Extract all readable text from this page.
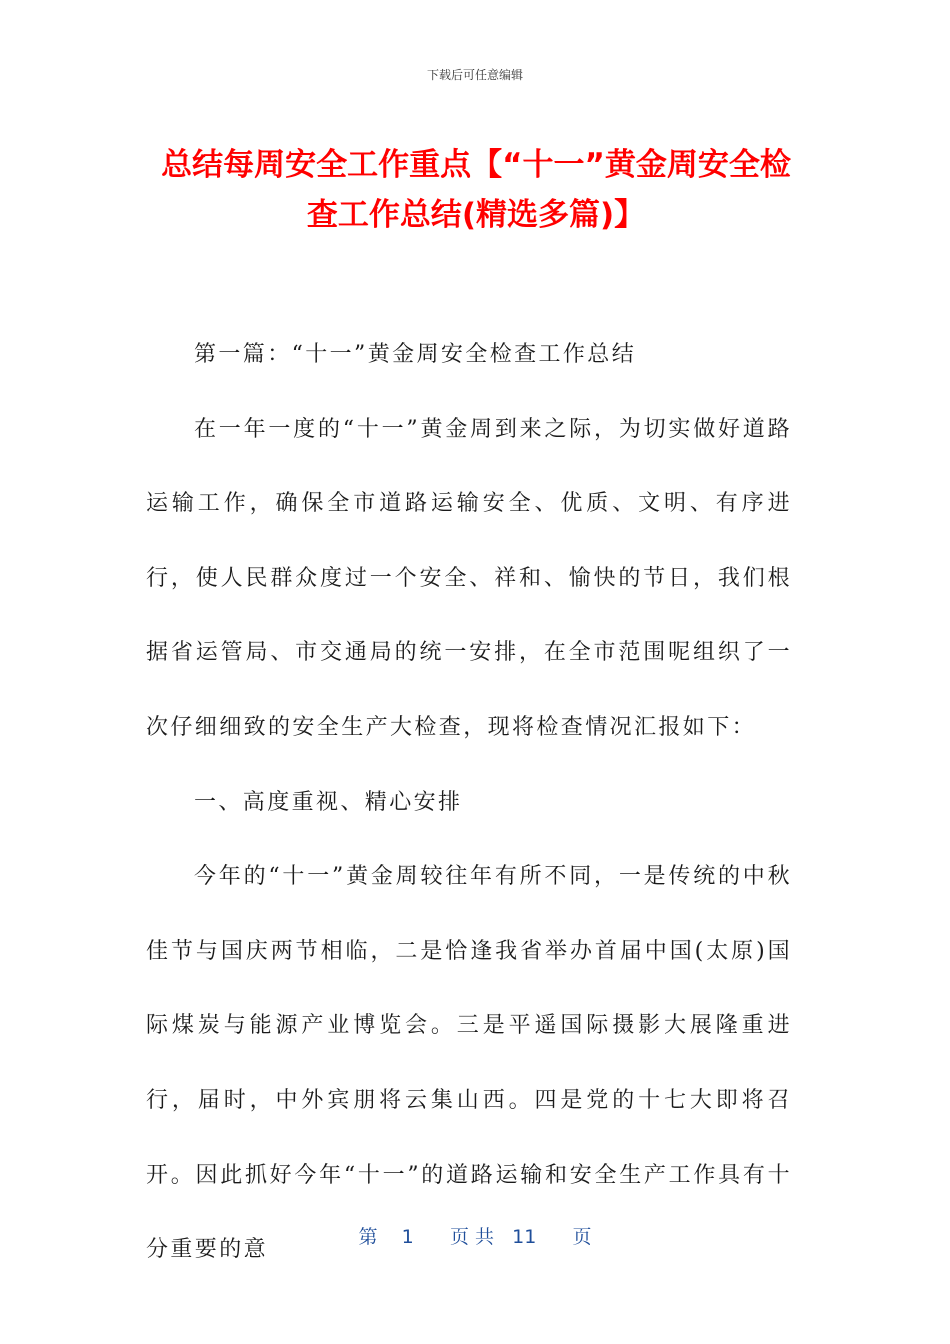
下载后可任意编辑
总结每周安全工作重点【“十一”黄金周安全检查工作总结(精选多篇)】

第一篇：“十一”黄金周安全检查工作总结

在一年一度的“十一”黄金周到来之际，为切实做好道路运输工作，确保全市道路运输安全、优质、文明、有序进行，使人民群众度过一个安全、祥和、愉快的节日，我们根据省运管局、市交通局的统一安排，在全市范围呢组织了一次仔细细致的安全生产大检查，现将检查情况汇报如下：

一、高度重视、精心安排

今年的“十一”黄金周较往年有所不同，一是传统的中秋佳节与国庆两节相临，二是恰逢我省举办首届中国(太原)国际煤炭与能源产业博览会。三是平遥国际摄影大展隆重进行，届时，中外宾朋将云集山西。四是党的十七大即将召开。因此抓好今年“十一”的道路运输和安全生产工作具有十分重要的意

第    1      页 共   11      页
